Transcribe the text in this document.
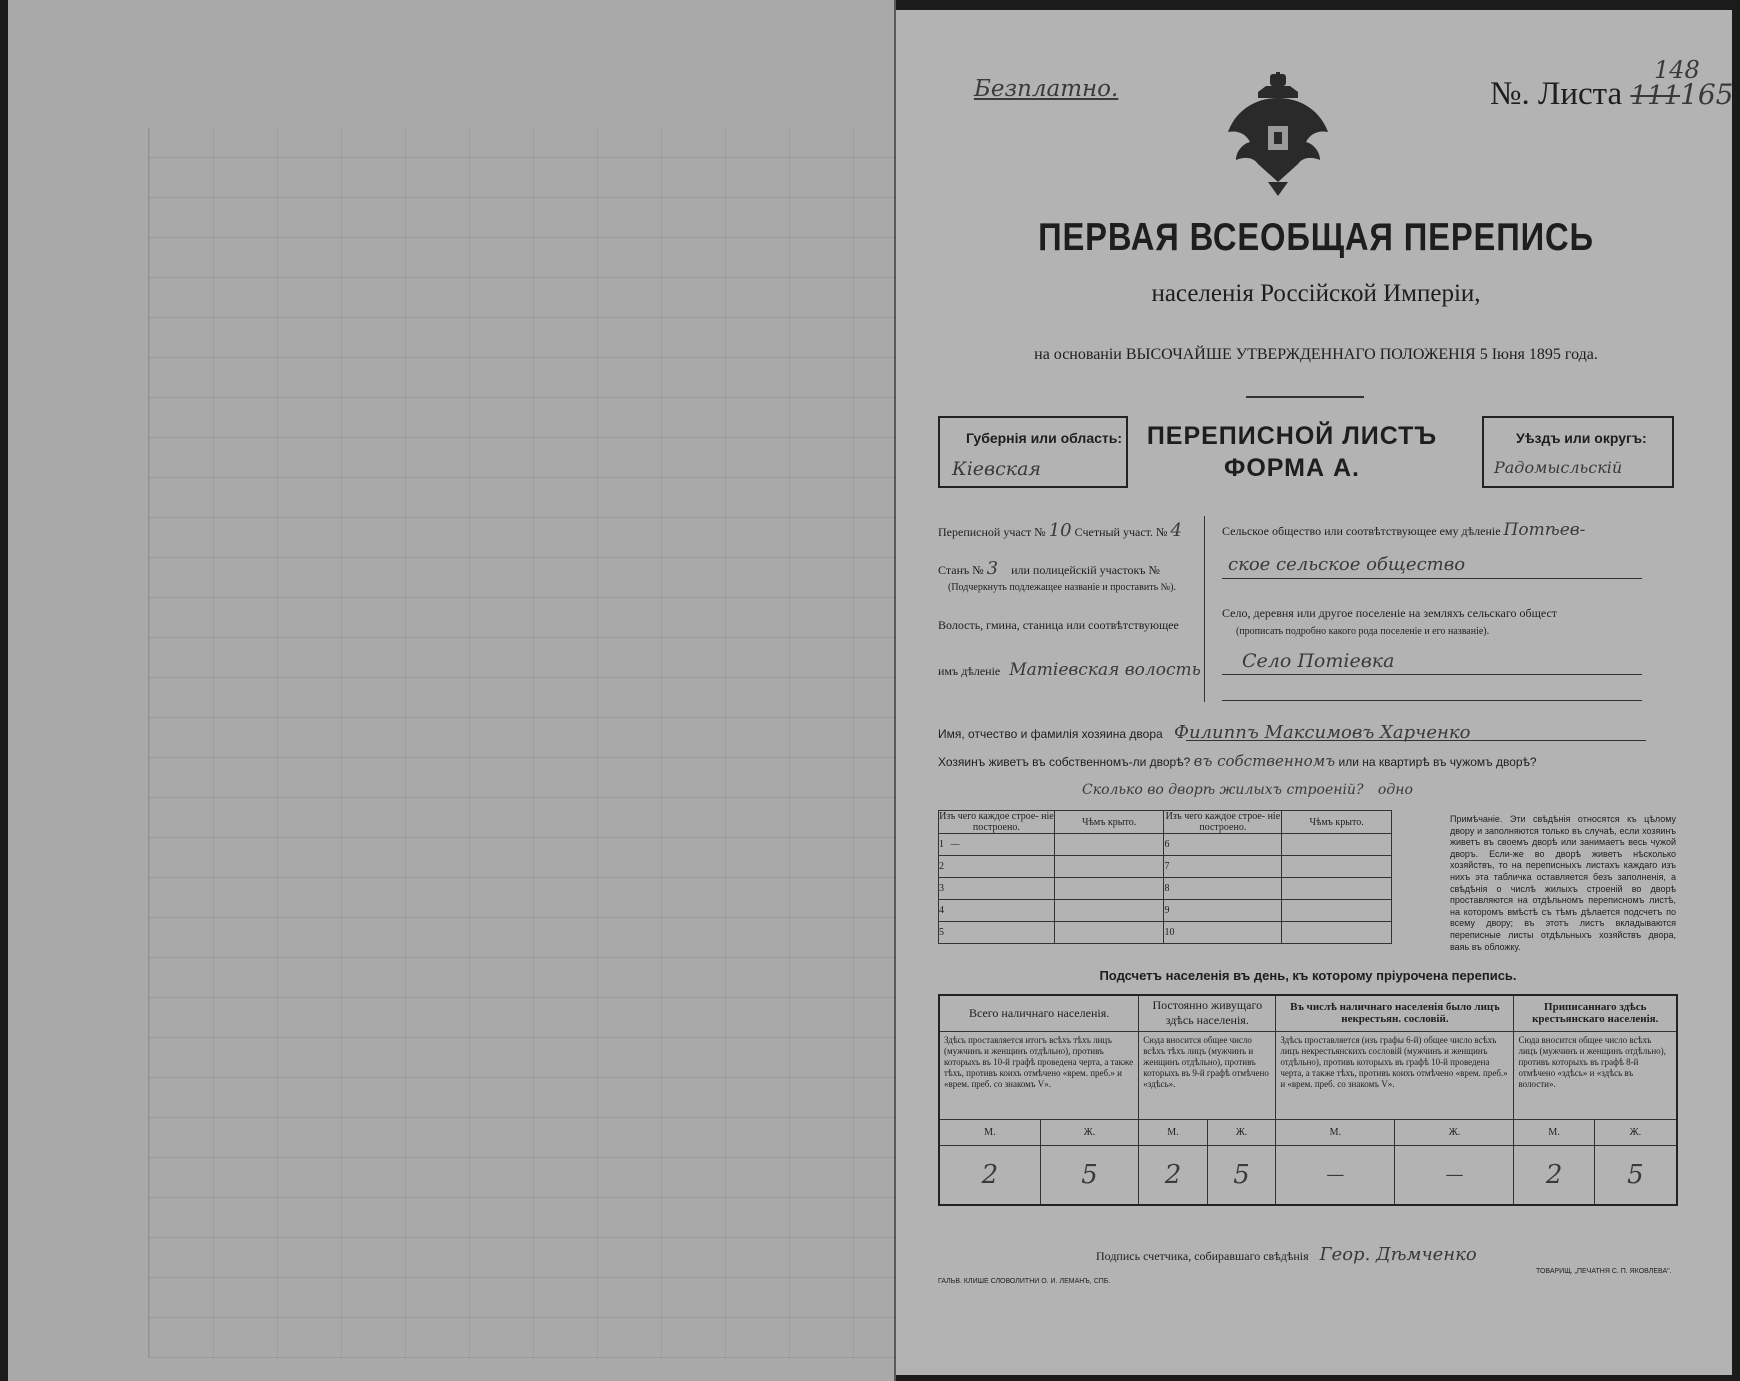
Безплатно.	№. Листа 111165
148
ПЕРВАЯ ВСЕОБЩАЯ ПЕРЕПИСЬ
населенія Россійской Имперіи,
на основаніи ВЫСОЧАЙШЕ УТВЕРЖДЕННАГО ПОЛОЖЕНІЯ 5 Іюня 1895 года.
Губернія или область:
Кіевская
ПЕРЕПИСНОЙ ЛИСТЪ
ФОРМА А.
Уѣздъ или округъ:
Радомысльскій
Переписной участ № 10 Счетный участ. № 4
Станъ № 3 или полицейскій участокъ №
(Подчеркнуть подлежащее названіе и проставить №).
Волость, гмина, станица или соотвѣтствующее
имъ дѣленіе Матіевская волость
Сельское общество или соотвѣтствующее ему дѣленіе Потѣев-
ское сельское общество
Село, деревня или другое поселеніе на земляхъ сельскаго общест
(прописать подробно какого рода поселеніе и его названіе).
Село Потіевка
Имя, отчество и фамилія хозяина двора Филиппъ Максимовъ Харченко
Хозяинъ живетъ въ собственномъ-ли дворѣ? въ собственномъ или на квартирѣ въ чужомъ дворѣ?
Сколько во дворѣ жилыхъ строеній? одно
Изъ чего каждое строе- ніе построено.	Чѣмъ крыто.	Изъ чего каждое строе- ніе построено.	Чѣмъ крыто.
1 —		6	
2		7	
3		8	
4		9	
5		10	
Примѣчаніе. Эти свѣдѣнія относятся къ цѣлому двору и заполняются только въ случаѣ, если хозяинъ живетъ въ своемъ дворѣ или занимаетъ весь чужой дворъ. Если-же во дворѣ живетъ нѣсколько хозяйствъ, то на переписныхъ листахъ каждаго изъ нихъ эта табличка оставляется безъ заполненія, а свѣдѣнія о числѣ жилыхъ строеній во дворѣ проставляются на отдѣльномъ переписномъ листѣ, на которомъ вмѣстѣ съ тѣмъ дѣлается подсчетъ по всему двору; въ этотъ листъ вкладываются переписные листы отдѣльныхъ хозяйствъ двора, ваяь въ обложку.
Подсчетъ населенія въ день, къ которому пріурочена перепись.
Всего наличнаго населенія.		Постоянно живущаго здѣсь населенія.		Въ числѣ наличнаго населенія было лицъ некрестьян. сословій.		Приписаннаго здѣсь крестьянскаго населенія.	
Здѣсь проставляется итогъ всѣхъ тѣхъ лицъ (мужчинъ и женщинъ отдѣльно), противъ которыхъ въ 10-й графѣ проведена черта, а также тѣхъ, противъ коихъ отмѣчено «врем. преб.» и «врем. преб. со знакомъ V».		Сюда вносится общее число всѣхъ тѣхъ лицъ (мужчинъ и женщинъ отдѣльно), противъ которыхъ въ 9-й графѣ отмѣчено «здѣсь».		Здѣсь проставляется (изъ графы 6-й) общее число всѣхъ лицъ некрестьянскихъ сословій (мужчинъ и женщинъ отдѣльно), противъ которыхъ въ графѣ 10-й проведена черта, а также тѣхъ, противъ коихъ отмѣчено «врем. преб.» и «врем. преб. со знакомъ V».		Сюда вносится общее число всѣхъ лицъ (мужчинъ и женщинъ отдѣльно), противъ которыхъ въ графѣ 8-й отмѣчено «здѣсь» и «здѣсь въ волости».	
М.	Ж.	М.	Ж.	М.	Ж.	М.	Ж.
2	5	2	5	—	—	2	5
Подпись счетчика, собиравшаго свѣдѣнія Геор. Дѣмченко
ГАЛЬВ. КЛИШЕ СЛОВОЛИТНИ О. И. ЛЕМАНЪ, СПБ.
ТОВАРИЩ. „ПЕЧАТНЯ С. П. ЯКОВЛЕВА".
